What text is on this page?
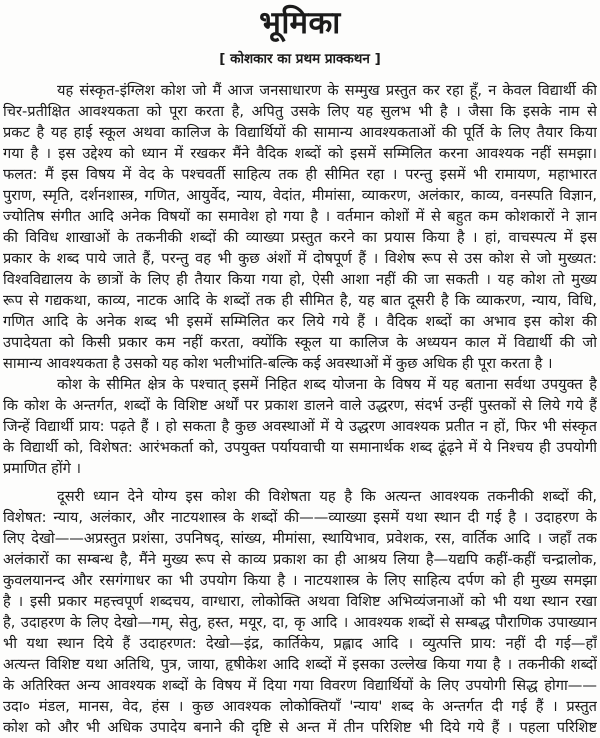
भूमिका
[ कोशकार का प्रथम प्राक्कथन ]
यह संस्कृत-इंग्लिश कोश जो मैं आज जनसाधारण के सम्मुख प्रस्तुत कर रहा हूँ, न केवल विद्यार्थी की
चिर-प्रतीक्षित आवश्यकता को पूरा करता है, अपितु उसके लिए यह सुलभ भी है । जैसा कि इसके नाम से
प्रकट है यह हाई स्कूल अथवा कालिज के विद्यार्थियों की सामान्य आवश्यकताओं की पूर्ति के लिए तैयार किया
गया है । इस उद्देश्य को ध्यान में रखकर मैंने वैदिक शब्दों को इसमें सम्मिलित करना आवश्यक नहीं समझा।
फलत: मैं इस विषय में वेद के पश्चवर्ती साहित्य तक ही सीमित रहा । परन्तु इसमें भी रामायण, महाभारत
पुराण, स्मृति, दर्शनशास्त्र, गणित, आयुर्वेद, न्याय, वेदांत, मीमांसा, व्याकरण, अलंकार, काव्य, वनस्पति विज्ञान,
ज्योतिष संगीत आदि अनेक विषयों का समावेश हो गया है । वर्तमान कोशों में से बहुत कम कोशकारों ने ज्ञान
की विविध शाखाओं के तकनीकी शब्दों की व्याख्या प्रस्तुत करने का प्रयास किया है । हां, वाचस्पत्य में इस
प्रकार के शब्द पाये जाते हैं, परन्तु वह भी कुछ अंशों में दोषपूर्ण हैं । विशेष रूप से उस कोश से जो मुख्यत:
विश्वविद्यालय के छात्रों के लिए ही तैयार किया गया हो, ऐसी आशा नहीं की जा सकती । यह कोश तो मुख्य
रूप से गद्यकथा, काव्य, नाटक आदि के शब्दों तक ही सीमित है, यह बात दूसरी है कि व्याकरण, न्याय, विधि,
गणित आदि के अनेक शब्द भी इसमें सम्मिलित कर लिये गये हैं । वैदिक शब्दों का अभाव इस कोश की
उपादेयता को किसी प्रकार कम नहीं करता, क्योंकि स्कूल या कालिज के अध्ययन काल में विद्यार्थी की जो
सामान्य आवश्यकता है उसको यह कोश भलीभांति-बल्कि कई अवस्थाओं में कुछ अधिक ही पूरा करता है ।
कोश के सीमित क्षेत्र के पश्चात् इसमें निहित शब्द योजना के विषय में यह बताना सर्वथा उपयुक्त है
कि कोश के अन्तर्गत, शब्दों के विशिष्ट अर्थों पर प्रकाश डालने वाले उद्धरण, संदर्भ उन्हीं पुस्तकों से लिये गये हैं
जिन्हें विद्यार्थी प्राय: पढ़ते हैं । हो सकता है कुछ अवस्थाओं में ये उद्धरण आवश्यक प्रतीत न हों, फिर भी संस्कृत
के विद्यार्थी को, विशेषत: आरंभकर्ता को, उपयुक्त पर्यायवाची या समानार्थक शब्द ढूंढ़ने में ये निश्चय ही उपयोगी
प्रमाणित होंगे ।
दूसरी ध्यान देने योग्य इस कोश की विशेषता यह है कि अत्यन्त आवश्यक तकनीकी शब्दों की,
विशेषत: न्याय, अलंकार, और नाटयशास्त्र के शब्दों की——व्याख्या इसमें यथा स्थान दी गई है । उदाहरण के
लिए देखो——अप्रस्तुत प्रशंसा, उपनिषद्, सांख्य, मीमांसा, स्थायिभाव, प्रवेशक, रस, वार्तिक आदि । जहाँ तक
अलंकारों का सम्बन्ध है, मैंने मुख्य रूप से काव्य प्रकाश का ही आश्रय लिया है—यद्यपि कहीं-कहीं चन्द्रालोक,
कुवलयानन्द और रसगंगाधर का भी उपयोग किया है । नाटयशास्त्र के लिए साहित्य दर्पण को ही मुख्य समझा
है । इसी प्रकार महत्त्वपूर्ण शब्दचय, वाग्धारा, लोकोक्ति अथवा विशिष्ट अभिव्यंजनाओं को भी यथा स्थान रखा
है, उदाहरण के लिए देखो—गम्, सेतु, हस्त, मयूर, दा, कृ आदि । आवश्यक शब्दों से सम्बद्ध पौराणिक उपाख्यान
भी यथा स्थान दिये हैं उदाहरणत: देखो—इंद्र, कार्तिकेय, प्रह्लाद आदि । व्युत्पत्ति प्राय: नहीं दी गई—हाँ
अत्यन्त विशिष्ट यथा अतिथि, पुत्र, जाया, हृषीकेश आदि शब्दों में इसका उल्लेख किया गया है । तकनीकी शब्दों
के अतिरिक्त अन्य आवश्यक शब्दों के विषय में दिया गया विवरण विद्यार्थियों के लिए उपयोगी सिद्ध होगा——
उदा० मंडल, मानस, वेद, हंस । कुछ आवश्यक लोकोक्तियाँ 'न्याय' शब्द के अन्तर्गत दी गई हैं । प्रस्तुत
कोश को और भी अधिक उपादेय बनाने की दृष्टि से अन्त में तीन परिशिष्ट भी दिये गये हैं । पहला परिशिष्ट
